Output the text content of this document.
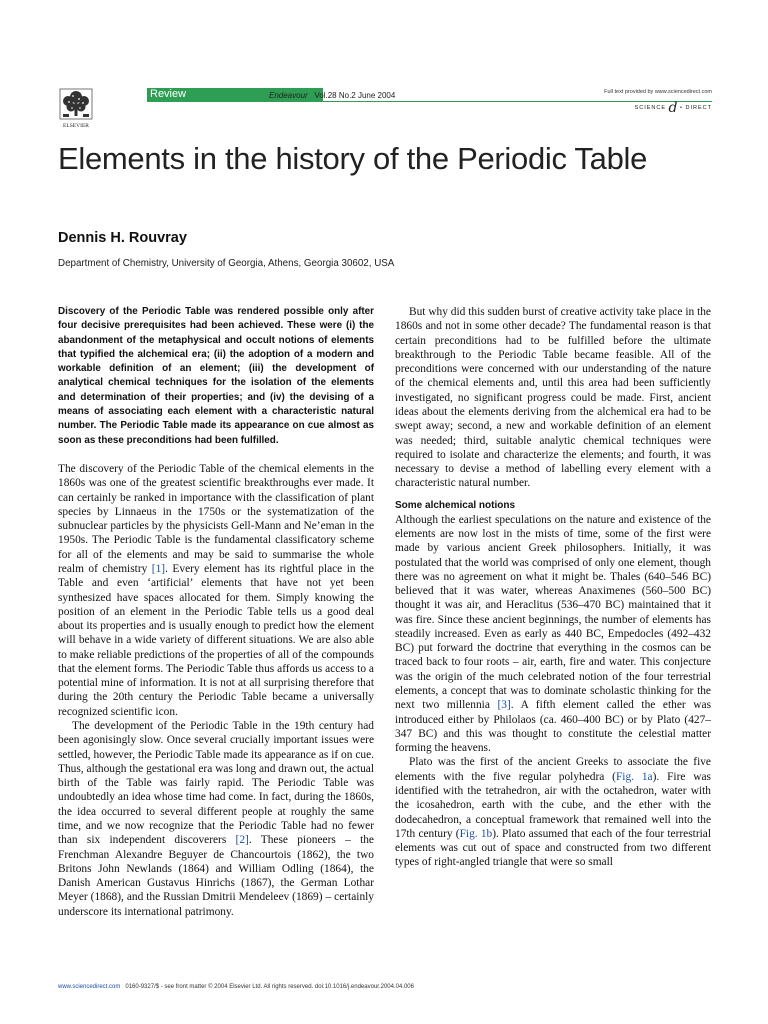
ELSEVIER
Review	Endeavour Vol.28 No.2 June 2004	Full text provided by www.sciencedirect.com
SCIENCE d • DIRECT
Elements in the history of the Periodic Table
Dennis H. Rouvray
Department of Chemistry, University of Georgia, Athens, Georgia 30602, USA

Discovery of the Periodic Table was rendered possible only after four decisive prerequisites had been achieved. These were (i) the abandonment of the metaphysical and occult notions of elements that typified the alchemical era; (ii) the adoption of a modern and workable definition of an element; (iii) the development of analytical chemical techniques for the isolation of the elements and determination of their properties; and (iv) the devising of a means of associating each element with a characteristic natural number. The Periodic Table made its appearance on cue almost as soon as these preconditions had been fulfilled.

The discovery of the Periodic Table of the chemical elements in the 1860s was one of the greatest scientific breakthroughs ever made. It can certainly be ranked in importance with the classification of plant species by Linnaeus in the 1750s or the systematization of the subnuclear particles by the physicists Gell-Mann and Ne’eman in the 1950s. The Periodic Table is the fundamental classificatory scheme for all of the elements and may be said to summarise the whole realm of chemistry [1]. Every element has its rightful place in the Table and even ‘artificial’ elements that have not yet been synthesized have spaces allocated for them. Simply knowing the position of an element in the Periodic Table tells us a good deal about its properties and is usually enough to predict how the element will behave in a wide variety of different situations. We are also able to make reliable predictions of the properties of all of the compounds that the element forms. The Periodic Table thus affords us access to a potential mine of information. It is not at all surprising therefore that during the 20th century the Periodic Table became a universally recognized scientific icon.

The development of the Periodic Table in the 19th century had been agonisingly slow. Once several crucially important issues were settled, however, the Periodic Table made its appearance as if on cue. Thus, although the gestational era was long and drawn out, the actual birth of the Table was fairly rapid. The Periodic Table was undoubtedly an idea whose time had come. In fact, during the 1860s, the idea occurred to several different people at roughly the same time, and we now recognize that the Periodic Table had no fewer than six independent discoverers [2]. These pioneers – the Frenchman Alexandre Beguyer de Chancourtois (1862), the two Britons John Newlands (1864) and William Odling (1864), the Danish American Gustavus Hinrichs (1867), the German Lothar Meyer (1868), and the Russian Dmitrii Mendeleev (1869) – certainly underscore its international patrimony.

But why did this sudden burst of creative activity take place in the 1860s and not in some other decade? The fundamental reason is that certain preconditions had to be fulfilled before the ultimate breakthrough to the Periodic Table became feasible. All of the preconditions were concerned with our understanding of the nature of the chemical elements and, until this area had been sufficiently investigated, no significant progress could be made. First, ancient ideas about the elements deriving from the alchemical era had to be swept away; second, a new and workable definition of an element was needed; third, suitable analytic chemical techniques were required to isolate and characterize the elements; and fourth, it was necessary to devise a method of labelling every element with a characteristic natural number.

Some alchemical notions

Although the earliest speculations on the nature and existence of the elements are now lost in the mists of time, some of the first were made by various ancient Greek philosophers. Initially, it was postulated that the world was comprised of only one element, though there was no agreement on what it might be. Thales (640–546 BC) believed that it was water, whereas Anaximenes (560–500 BC) thought it was air, and Heraclitus (536–470 BC) maintained that it was fire. Since these ancient beginnings, the number of elements has steadily increased. Even as early as 440 BC, Empedocles (492–432 BC) put forward the doctrine that everything in the cosmos can be traced back to four roots – air, earth, fire and water. This conjecture was the origin of the much celebrated notion of the four terrestrial elements, a concept that was to dominate scholastic thinking for the next two millennia [3]. A fifth element called the ether was introduced either by Philolaos (ca. 460–400 BC) or by Plato (427–347 BC) and this was thought to constitute the celestial matter forming the heavens.

Plato was the first of the ancient Greeks to associate the five elements with the five regular polyhedra (Fig. 1a). Fire was identified with the tetrahedron, air with the octahedron, water with the icosahedron, earth with the cube, and the ether with the dodecahedron, a conceptual framework that remained well into the 17th century (Fig. 1b). Plato assumed that each of the four terrestrial elements was cut out of space and constructed from two different types of right-angled triangle that were so small

www.sciencedirect.com 0160-9327/$ - see front matter © 2004 Elsevier Ltd. All rights reserved. doi:10.1016/j.endeavour.2004.04.006
